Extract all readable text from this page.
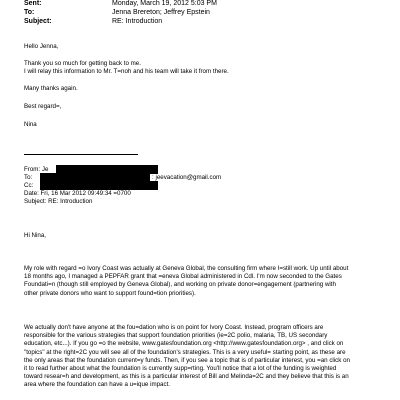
Sent:	Monday, March 19, 2012 5:03 PM
To:	Jenna Brereton; Jeffrey Epstein
Subject:	RE: Introduction
Hello Jenna,
Thank you so much for getting back to me.
I will relay this information to Mr. T=noh and his team will take it from there.
Many thanks again.
Best regard=,
Nina
From: Je
To:	: jeevacation@gmail.com
Cc:
Date: Fri, 16 Mar 2012 09:49:34 =0700
Subject: RE: Introduction
Hi Nina,
My role with regard =o Ivory Coast was actually at Geneva Global, the consulting firm where I=still work. Up until about
18 months ago, I managed a PEPFAR grant that =eneva Global administered in Cdl. I'm now seconded to the Gates
Foundati=n (though still employed by Geneva Global), and working on private donor=engagement (partnering with
other private donors who want to support found=tion priorities).
We actually don't have anyone at the fou=dation who is on point for Ivory Coast. Instead, program officers are
responsible for the various strategies that support foundation priorities (ie=2C polio, malaria, TB, US secondary
education, etc...). If you go =o the website, www.gatesfoundation.org <http://www.gatesfoundation.org> , and click on
"topics" at the right=2C you will see all of the foundation's strategies. This is a very useful= starting point, as these are
the only areas that the foundation current=y funds. Then, if you see a topic that is of particular interest, you =an click on
it to read further about what the foundation is currently supp=rting. You'll notice that a lot of the funding is weighted
toward resear=h and development, as this is a particular interest of Bill and Melinda=2C and they believe that this is an
area where the foundation can have a u=ique impact.
